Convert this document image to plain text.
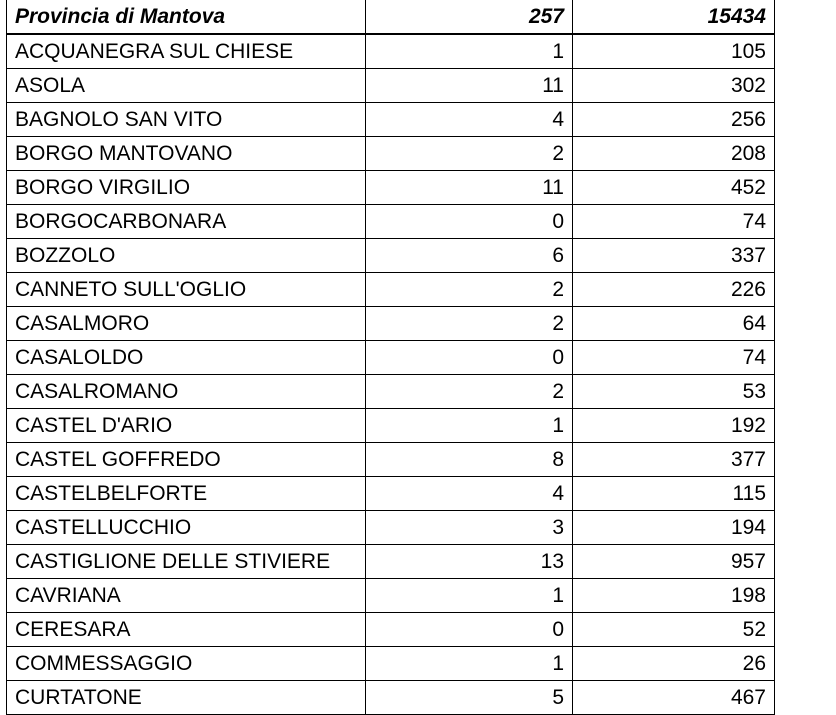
Provincia di Mantova	257	15434
ACQUANEGRA SUL CHIESE	1	105
ASOLA	11	302
BAGNOLO SAN VITO	4	256
BORGO MANTOVANO	2	208
BORGO VIRGILIO	11	452
BORGOCARBONARA	0	74
BOZZOLO	6	337
CANNETO SULL'OGLIO	2	226
CASALMORO	2	64
CASALOLDO	0	74
CASALROMANO	2	53
CASTEL D'ARIO	1	192
CASTEL GOFFREDO	8	377
CASTELBELFORTE	4	115
CASTELLUCCHIO	3	194
CASTIGLIONE DELLE STIVIERE	13	957
CAVRIANA	1	198
CERESARA	0	52
COMMESSAGGIO	1	26
CURTATONE	5	467
